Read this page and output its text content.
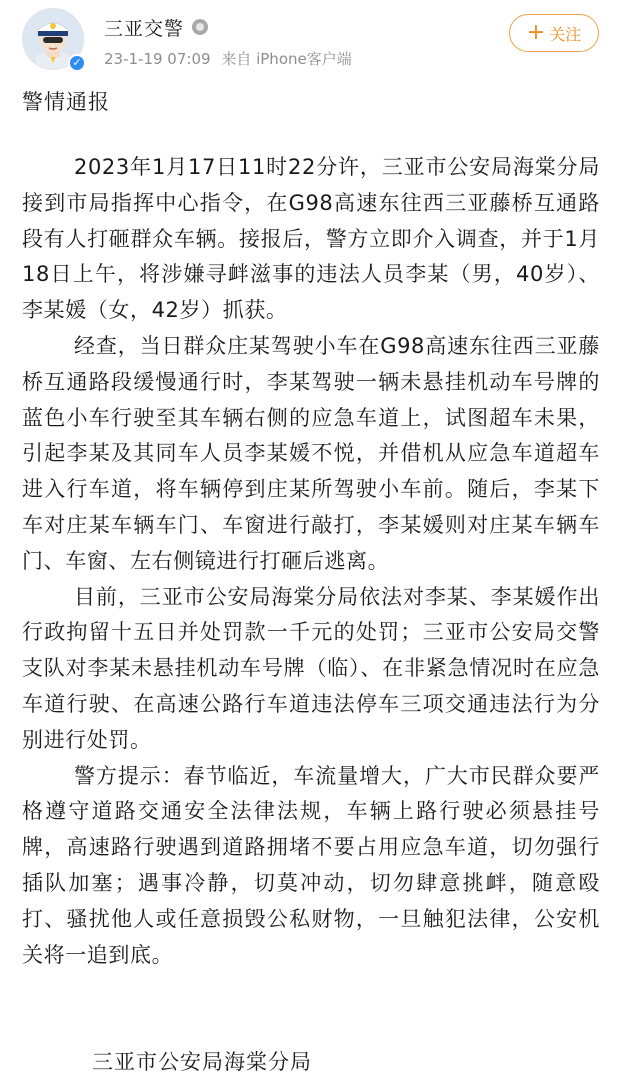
✓
三亚交警
23-1-19 07:09 来自 iPhone客户端
+ 关注
警情通报

2023年1月17日11时22分许，三亚市公安局海棠分局接到市局指挥中心指令，在G98高速东往西三亚藤桥互通路段有人打砸群众车辆。接报后，警方立即介入调查，并于1月18日上午，将涉嫌寻衅滋事的违法人员李某（男，40岁）、李某媛（女，42岁）抓获。

经查，当日群众庄某驾驶小车在G98高速东往西三亚藤桥互通路段缓慢通行时，李某驾驶一辆未悬挂机动车号牌的蓝色小车行驶至其车辆右侧的应急车道上，试图超车未果，引起李某及其同车人员李某媛不悦，并借机从应急车道超车进入行车道，将车辆停到庄某所驾驶小车前。随后，李某下车对庄某车辆车门、车窗进行敲打，李某媛则对庄某车辆车门、车窗、左右侧镜进行打砸后逃离。

目前，三亚市公安局海棠分局依法对李某、李某媛作出行政拘留十五日并处罚款一千元的处罚；三亚市公安局交警支队对李某未悬挂机动车号牌（临）、在非紧急情况时在应急车道行驶、在高速公路行车道违法停车三项交通违法行为分别进行处罚。

警方提示：春节临近，车流量增大，广大市民群众要严格遵守道路交通安全法律法规，车辆上路行驶必须悬挂号牌，高速路行驶遇到道路拥堵不要占用应急车道，切勿强行插队加塞；遇事冷静，切莫冲动，切勿肆意挑衅，随意殴打、骚扰他人或任意损毁公私财物，一旦触犯法律，公安机关将一追到底。

三亚市公安局海棠分局
